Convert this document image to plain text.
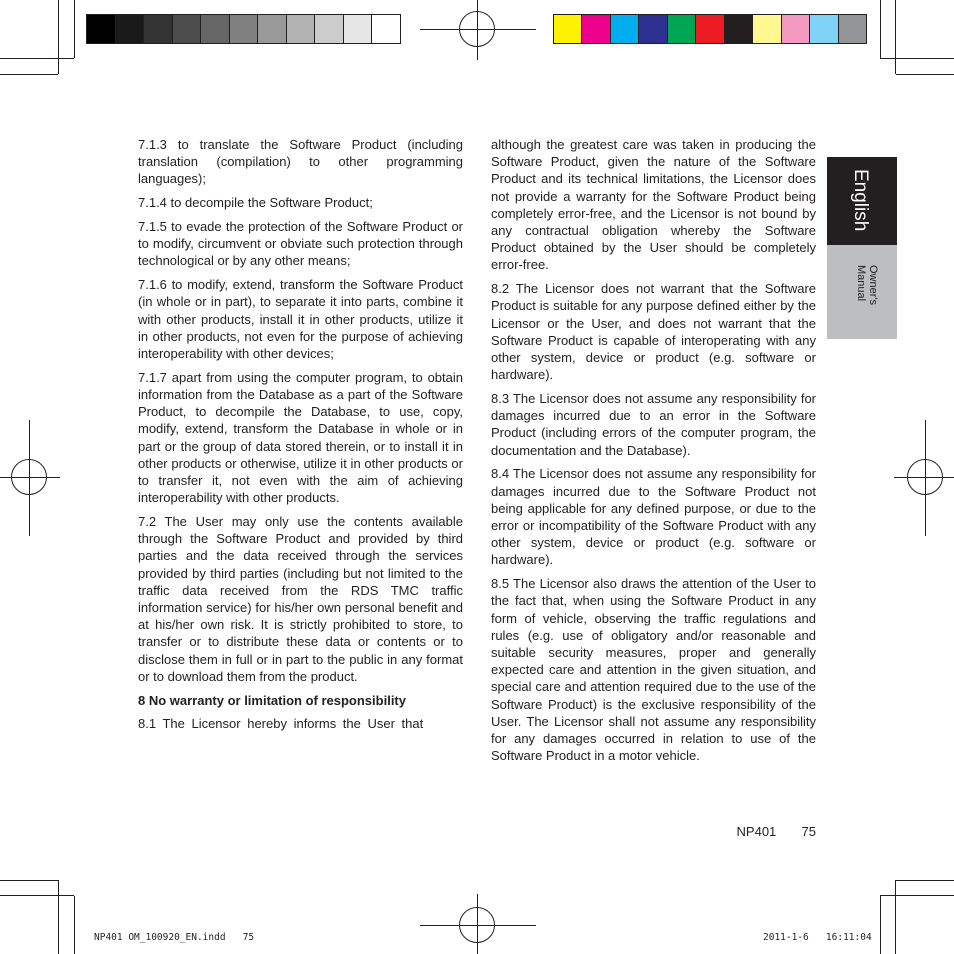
English
Owner's
Manual

7.1.3 to translate the Software Product (including translation (compilation) to other programming languages);

7.1.4 to decompile the Software Product;

7.1.5 to evade the protection of the Software Product or to modify, circumvent or obviate such protection through technological or by any other means;

7.1.6 to modify, extend, transform the Software Product (in whole or in part), to separate it into parts, combine it with other products, install it in other products, utilize it in other products, not even for the purpose of achieving interoperability with other devices;

7.1.7 apart from using the computer program, to obtain information from the Database as a part of the Software Product, to decompile the Database, to use, copy, modify, extend, transform the Database in whole or in part or the group of data stored therein, or to install it in other products or otherwise, utilize it in other products or to transfer it, not even with the aim of achieving interoperability with other products.

7.2 The User may only use the contents available through the Software Product and provided by third parties and the data received through the services provided by third parties (including but not limited to the traffic data received from the RDS TMC traffic information service) for his/her own personal benefit and at his/her own risk. It is strictly prohibited to store, to transfer or to distribute these data or contents or to disclose them in full or in part to the public in any format or to download them from the product.

8 No warranty or limitation of responsibility

8.1 The Licensor hereby informs the User that

although the greatest care was taken in producing the Software Product, given the nature of the Software Product and its technical limitations, the Licensor does not provide a warranty for the Software Product being completely error-free, and the Licensor is not bound by any contractual obligation whereby the Software Product obtained by the User should be completely error-free.

8.2 The Licensor does not warrant that the Software Product is suitable for any purpose defined either by the Licensor or the User, and does not warrant that the Software Product is capable of interoperating with any other system, device or product (e.g. software or hardware).

8.3 The Licensor does not assume any responsibility for damages incurred due to an error in the Software Product (including errors of the computer program, the documentation and the Database).

8.4 The Licensor does not assume any responsibility for damages incurred due to the Software Product not being applicable for any defined purpose, or due to the error or incompatibility of the Software Product with any other system, device or product (e.g. software or hardware).

8.5 The Licensor also draws the attention of the User to the fact that, when using the Software Product in any form of vehicle, observing the traffic regulations and rules (e.g. use of obligatory and/or reasonable and suitable security measures, proper and generally expected care and attention in the given situation, and special care and attention required due to the use of the Software Product) is the exclusive responsibility of the User. The Licensor shall not assume any responsibility for any damages occurred in relation to use of the Software Product in a motor vehicle.

NP401 75
NP401 OM_100920_EN.indd   75	2011-1-6   16:11:04
